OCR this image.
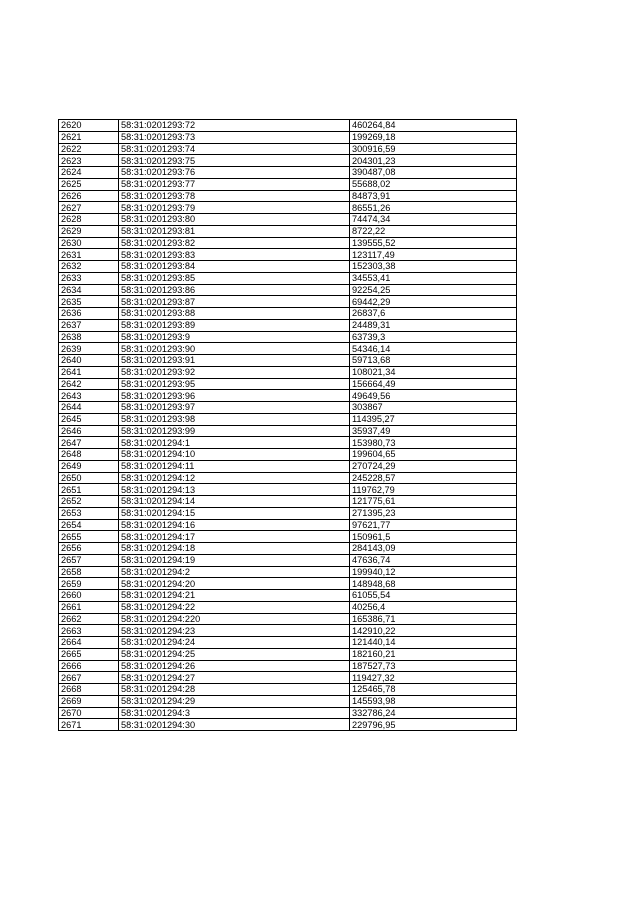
2620	58:31:0201293:72	460264,84
2621	58:31:0201293:73	199269,18
2622	58:31:0201293:74	300916,59
2623	58:31:0201293:75	204301,23
2624	58:31:0201293:76	390487,08
2625	58:31:0201293:77	55688,02
2626	58:31:0201293:78	84873,91
2627	58:31:0201293:79	86551,26
2628	58:31:0201293:80	74474,34
2629	58:31:0201293:81	8722,22
2630	58:31:0201293:82	139555,52
2631	58:31:0201293:83	123117,49
2632	58:31:0201293:84	152303,38
2633	58:31:0201293:85	34553,41
2634	58:31:0201293:86	92254,25
2635	58:31:0201293:87	69442,29
2636	58:31:0201293:88	26837,6
2637	58:31:0201293:89	24489,31
2638	58:31:0201293:9	63739,3
2639	58:31:0201293:90	54346,14
2640	58:31:0201293:91	59713,68
2641	58:31:0201293:92	108021,34
2642	58:31:0201293:95	156664,49
2643	58:31:0201293:96	49649,56
2644	58:31:0201293:97	303867
2645	58:31:0201293:98	114395,27
2646	58:31:0201293:99	35937,49
2647	58:31:0201294:1	153980,73
2648	58:31:0201294:10	199604,65
2649	58:31:0201294:11	270724,29
2650	58:31:0201294:12	245228,57
2651	58:31:0201294:13	119762,79
2652	58:31:0201294:14	121775,61
2653	58:31:0201294:15	271395,23
2654	58:31:0201294:16	97621,77
2655	58:31:0201294:17	150961,5
2656	58:31:0201294:18	284143,09
2657	58:31:0201294:19	47636,74
2658	58:31:0201294:2	199940,12
2659	58:31:0201294:20	148948,68
2660	58:31:0201294:21	61055,54
2661	58:31:0201294:22	40256,4
2662	58:31:0201294:220	165386,71
2663	58:31:0201294:23	142910,22
2664	58:31:0201294:24	121440,14
2665	58:31:0201294:25	182160,21
2666	58:31:0201294:26	187527,73
2667	58:31:0201294:27	119427,32
2668	58:31:0201294:28	125465,78
2669	58:31:0201294:29	145593,98
2670	58:31:0201294:3	332786,24
2671	58:31:0201294:30	229796,95
